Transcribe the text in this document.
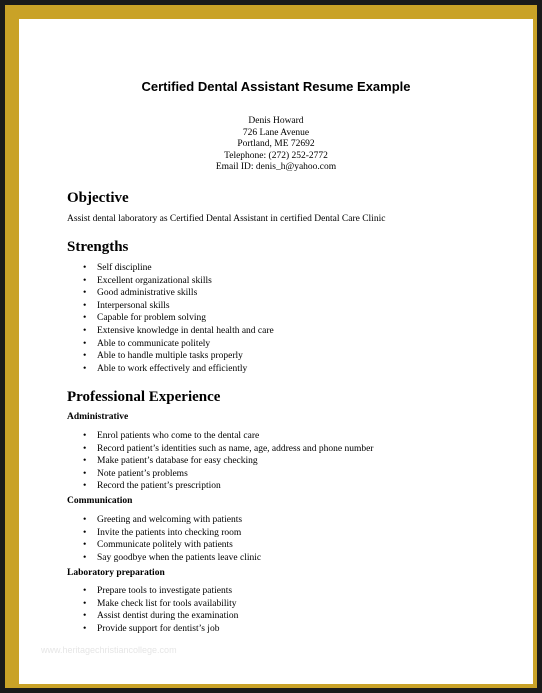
Certified Dental Assistant Resume Example
Denis Howard
726 Lane Avenue
Portland, ME 72692
Telephone: (272) 252-2772
Email ID: denis_h@yahoo.com
Objective
Assist dental laboratory as Certified Dental Assistant in certified Dental Care Clinic
Strengths
• Self discipline
• Excellent organizational skills
• Good administrative skills
• Interpersonal skills
• Capable for problem solving
• Extensive knowledge in dental health and care
• Able to communicate politely
• Able to handle multiple tasks properly
• Able to work effectively and efficiently
Professional Experience
Administrative
• Enrol patients who come to the dental care
• Record patient’s identities such as name, age, address and phone number
• Make patient’s database for easy checking
• Note patient’s problems
• Record the patient’s prescription
Communication
• Greeting and welcoming with patients
• Invite the patients into checking room
• Communicate politely with patients
• Say goodbye when the patients leave clinic
Laboratory preparation
• Prepare tools to investigate patients
• Make check list for tools availability
• Assist dentist during the examination
• Provide support for dentist’s job
www.heritagechristiancollege.com
